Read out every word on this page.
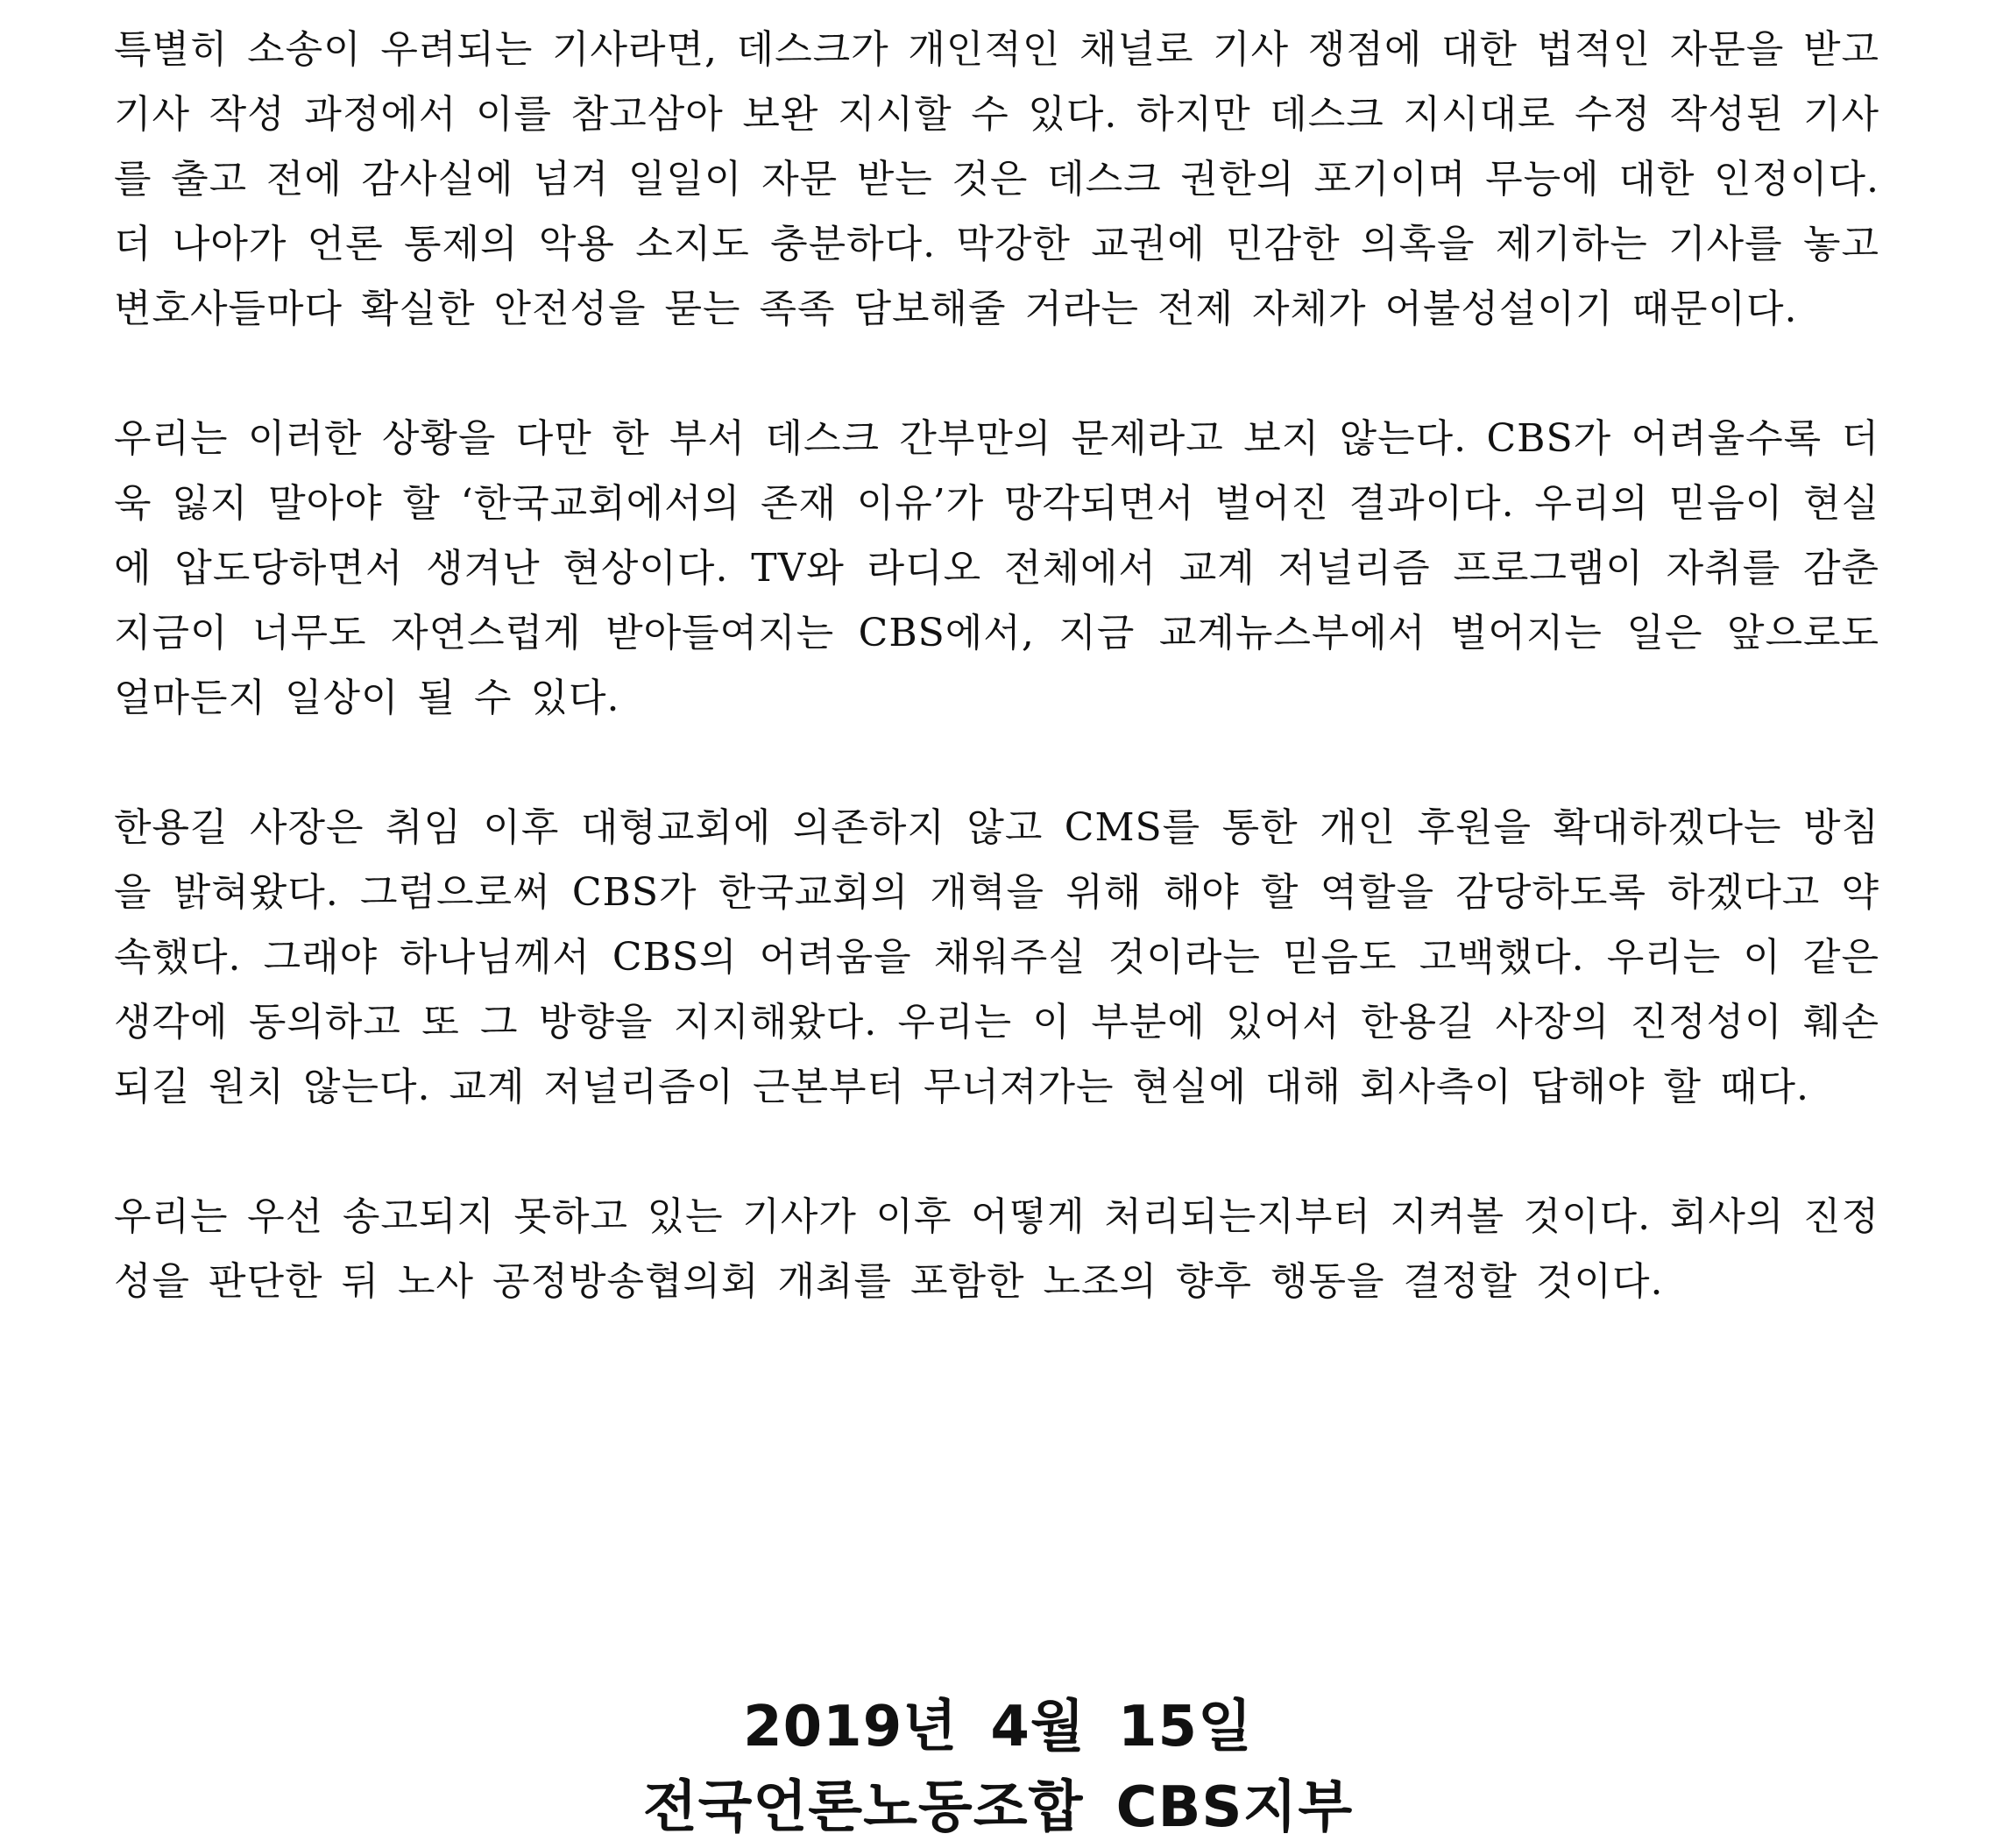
특별히 소송이 우려되는 기사라면, 데스크가 개인적인 채널로 기사 쟁점에 대한 법적인 자문을 받고 기사 작성 과정에서 이를 참고삼아 보완 지시할 수 있다. 하지만 데스크 지시대로 수정 작성된 기사를 출고 전에 감사실에 넘겨 일일이 자문 받는 것은 데스크 권한의 포기이며 무능에 대한 인정이다. 더 나아가 언론 통제의 악용 소지도 충분하다. 막강한 교권에 민감한 의혹을 제기하는 기사를 놓고 변호사들마다 확실한 안전성을 묻는 족족 담보해줄 거라는 전제 자체가 어불성설이기 때문이다.

우리는 이러한 상황을 다만 한 부서 데스크 간부만의 문제라고 보지 않는다. CBS가 어려울수록 더욱 잃지 말아야 할 ‘한국교회에서의 존재 이유’가 망각되면서 벌어진 결과이다. 우리의 믿음이 현실에 압도당하면서 생겨난 현상이다. TV와 라디오 전체에서 교계 저널리즘 프로그램이 자취를 감춘 지금이 너무도 자연스럽게 받아들여지는 CBS에서, 지금 교계뉴스부에서 벌어지는 일은 앞으로도 얼마든지 일상이 될 수 있다.

한용길 사장은 취임 이후 대형교회에 의존하지 않고 CMS를 통한 개인 후원을 확대하겠다는 방침을 밝혀왔다. 그럼으로써 CBS가 한국교회의 개혁을 위해 해야 할 역할을 감당하도록 하겠다고 약속했다. 그래야 하나님께서 CBS의 어려움을 채워주실 것이라는 믿음도 고백했다. 우리는 이 같은 생각에 동의하고 또 그 방향을 지지해왔다. 우리는 이 부분에 있어서 한용길 사장의 진정성이 훼손되길 원치 않는다. 교계 저널리즘이 근본부터 무너져가는 현실에 대해 회사측이 답해야 할 때다.

우리는 우선 송고되지 못하고 있는 기사가 이후 어떻게 처리되는지부터 지켜볼 것이다. 회사의 진정성을 판단한 뒤 노사 공정방송협의회 개최를 포함한 노조의 향후 행동을 결정할 것이다.

2019년 4월 15일
전국언론노동조합 CBS지부
